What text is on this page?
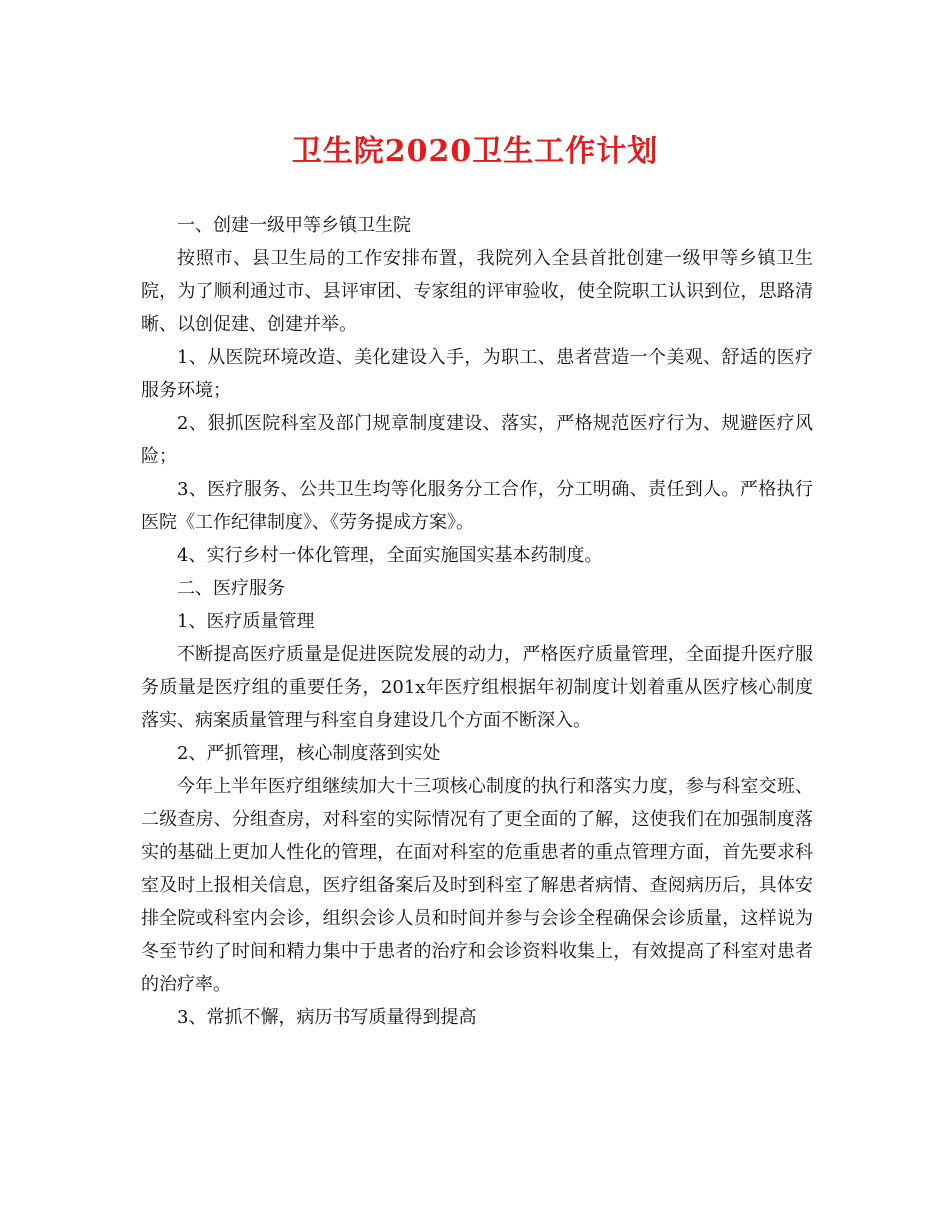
卫生院2020卫生工作计划

一、创建一级甲等乡镇卫生院

按照市、县卫生局的工作安排布置，我院列入全县首批创建一级甲等乡镇卫生院，为了顺利通过市、县评审团、专家组的评审验收，使全院职工认识到位，思路清晰、以创促建、创建并举。

1、从医院环境改造、美化建设入手，为职工、患者营造一个美观、舒适的医疗服务环境；

2、狠抓医院科室及部门规章制度建设、落实，严格规范医疗行为、规避医疗风险；

3、医疗服务、公共卫生均等化服务分工合作，分工明确、责任到人。严格执行医院《工作纪律制度》、《劳务提成方案》。

4、实行乡村一体化管理，全面实施国实基本药制度。

二、医疗服务

1、医疗质量管理

不断提高医疗质量是促进医院发展的动力，严格医疗质量管理，全面提升医疗服务质量是医疗组的重要任务，201x年医疗组根据年初制度计划着重从医疗核心制度落实、病案质量管理与科室自身建设几个方面不断深入。

2、严抓管理，核心制度落到实处

今年上半年医疗组继续加大十三项核心制度的执行和落实力度，参与科室交班、二级查房、分组查房，对科室的实际情况有了更全面的了解，这使我们在加强制度落实的基础上更加人性化的管理，在面对科室的危重患者的重点管理方面，首先要求科室及时上报相关信息，医疗组备案后及时到科室了解患者病情、查阅病历后，具体安排全院或科室内会诊，组织会诊人员和时间并参与会诊全程确保会诊质量，这样说为冬至节约了时间和精力集中于患者的治疗和会诊资料收集上，有效提高了科室对患者的治疗率。

3、常抓不懈，病历书写质量得到提高
